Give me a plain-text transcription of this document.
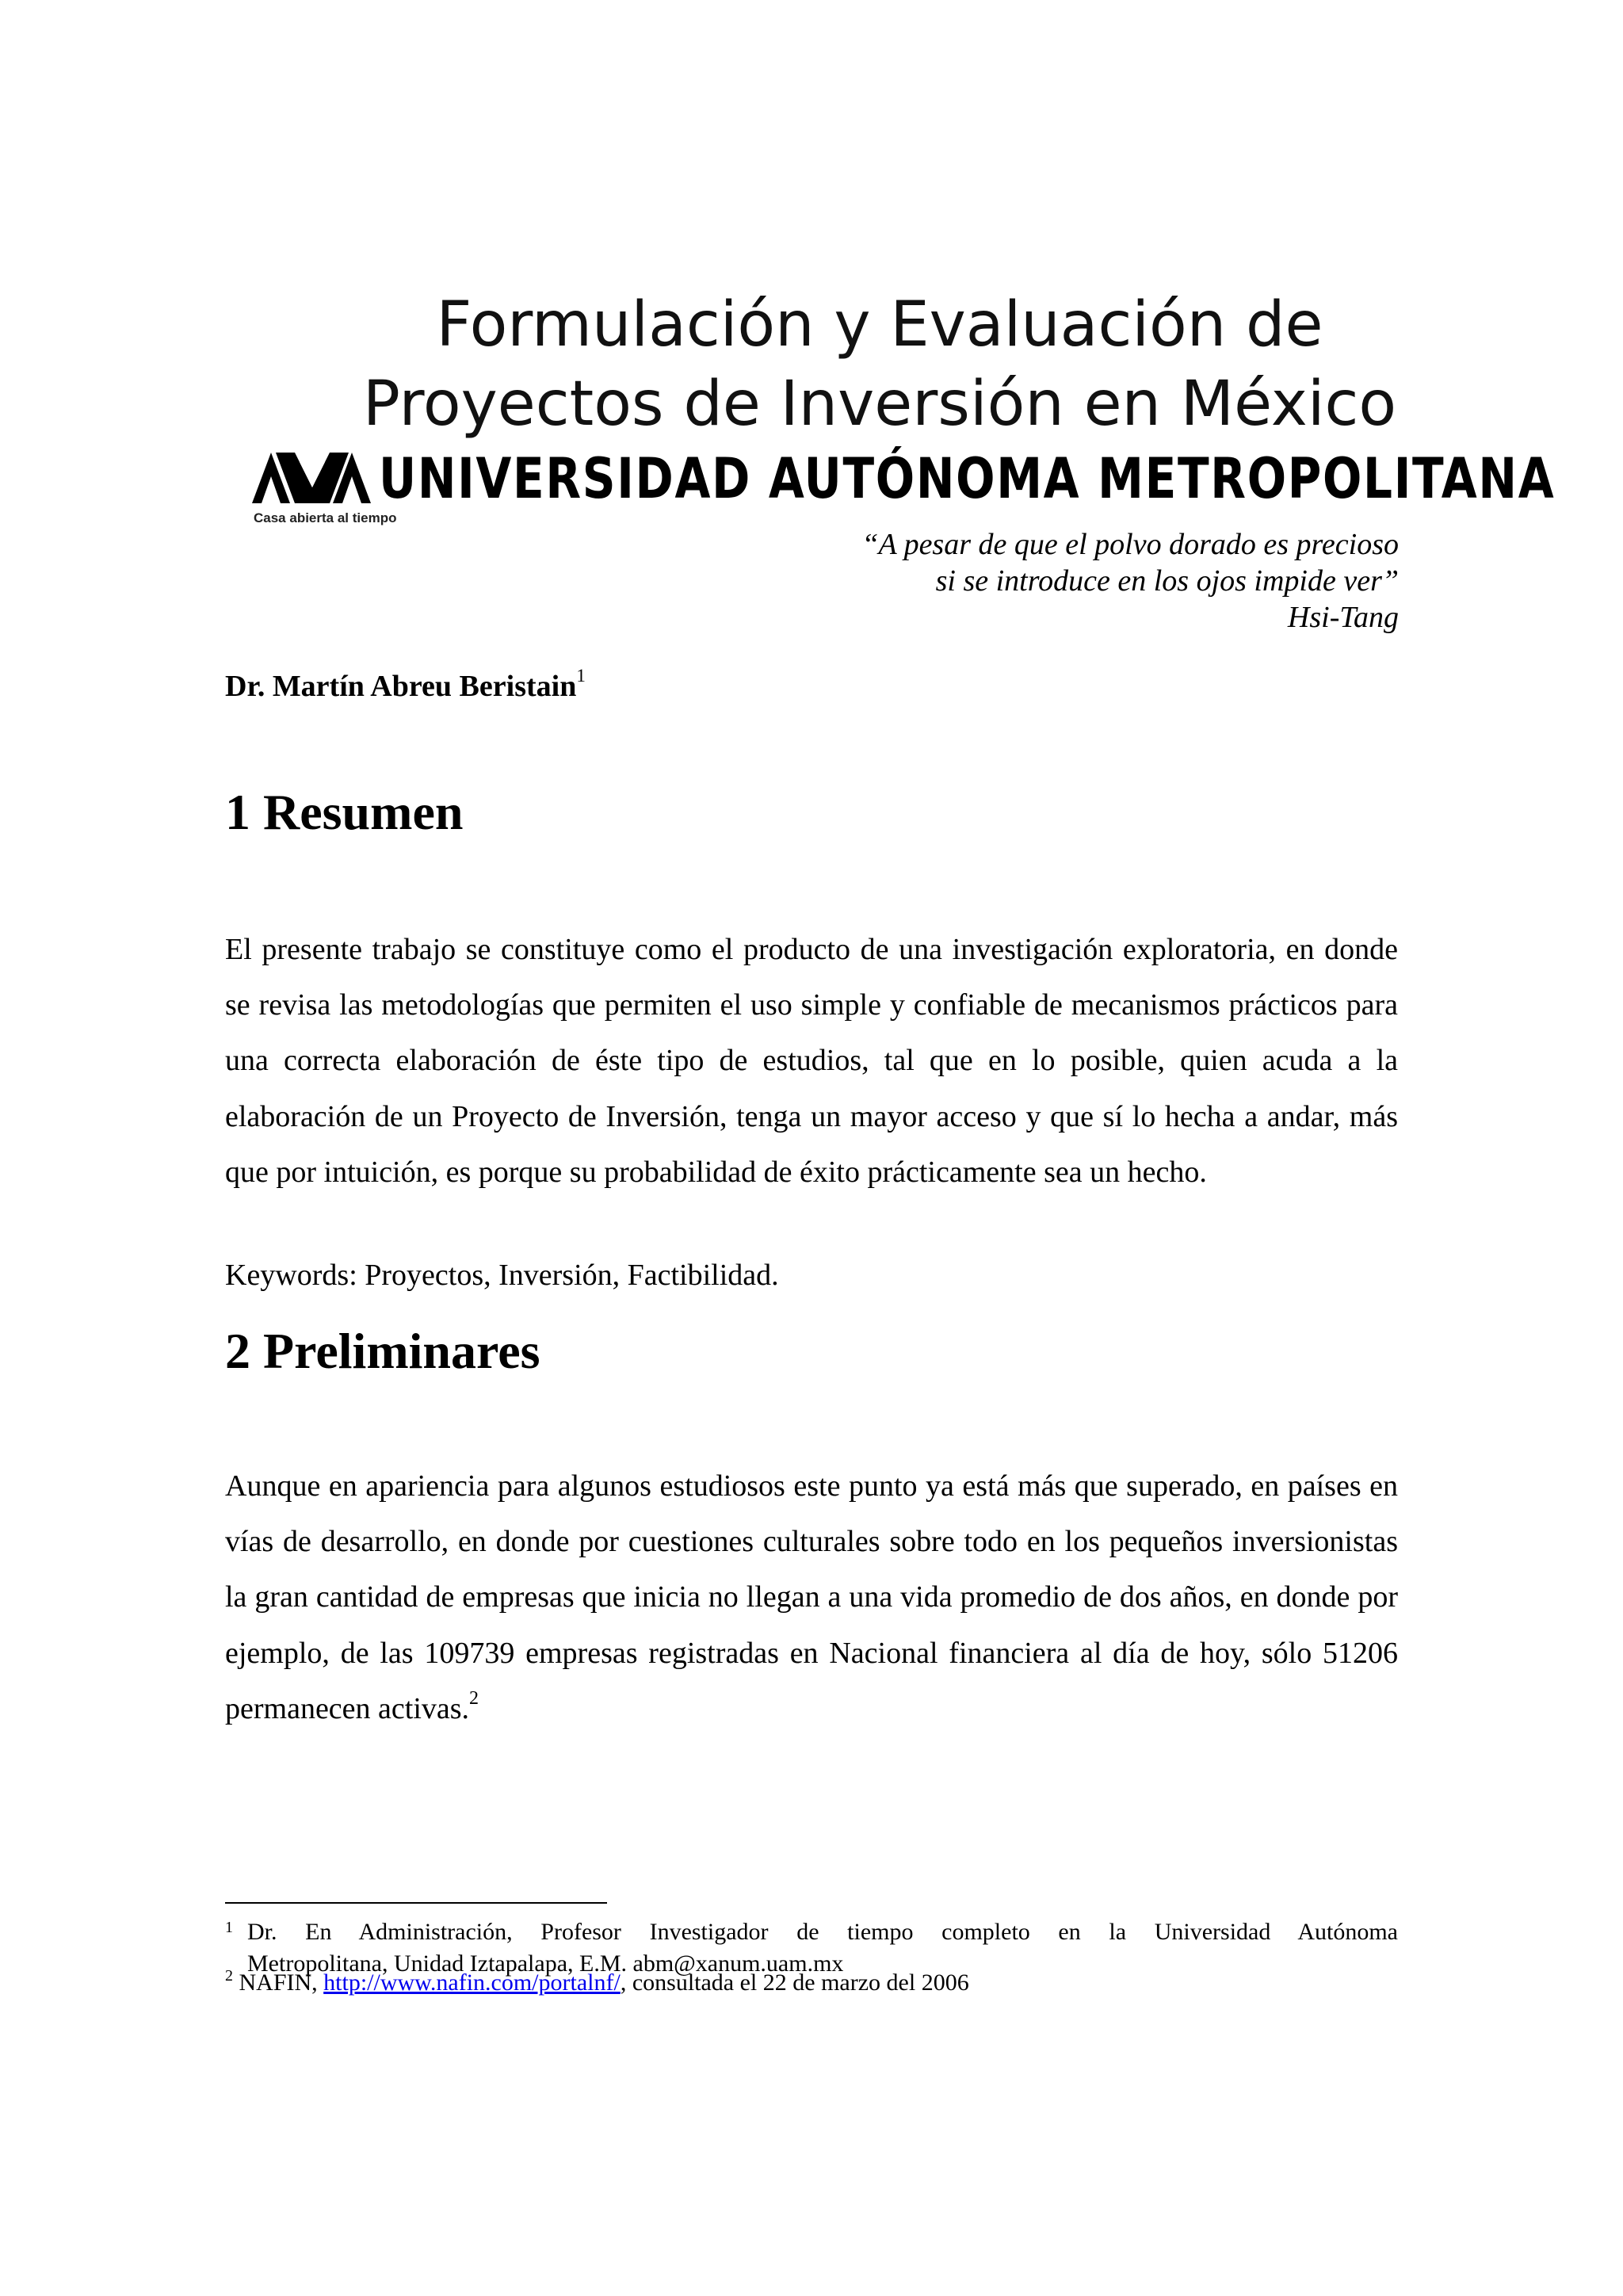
Formulación y Evaluación de
Proyectos de Inversión en México
UNIVERSIDAD AUTÓNOMA METROPOLITANA
Casa abierta al tiempo
“A pesar de que el polvo dorado es precioso
si se introduce en los ojos impide ver”
Hsi-Tang
Dr. Martín Abreu Beristain$^1$
1 Resumen
El presente trabajo se constituye como el producto de una investigación exploratoria, en donde se revisa las metodologías que permiten el uso simple y confiable de mecanismos prácticos para una correcta elaboración de éste tipo de estudios, tal que en lo posible, quien acuda a la elaboración de un Proyecto de Inversión, tenga un mayor acceso y que sí lo hecha a andar, más que por intuición, es porque su probabilidad de éxito prácticamente sea un hecho.
Keywords: Proyectos, Inversión, Factibilidad.
2 Preliminares
Aunque en apariencia para algunos estudiosos este punto ya está más que superado, en países en vías de desarrollo, en donde por cuestiones culturales sobre todo en los pequeños inversionistas la gran cantidad de empresas que inicia no llegan a una vida promedio de dos años, en donde por ejemplo, de las 109739 empresas registradas en Nacional financiera al día de hoy, sólo 51206 permanecen activas.$^2$
1 Dr. En Administración, Profesor Investigador de tiempo completo en la Universidad Autónoma
Metropolitana, Unidad Iztapalapa, E.M. abm@xanum.uam.mx
$^2$ NAFIN, http://www.nafin.com/portalnf/, consultada el 22 de marzo del 2006
